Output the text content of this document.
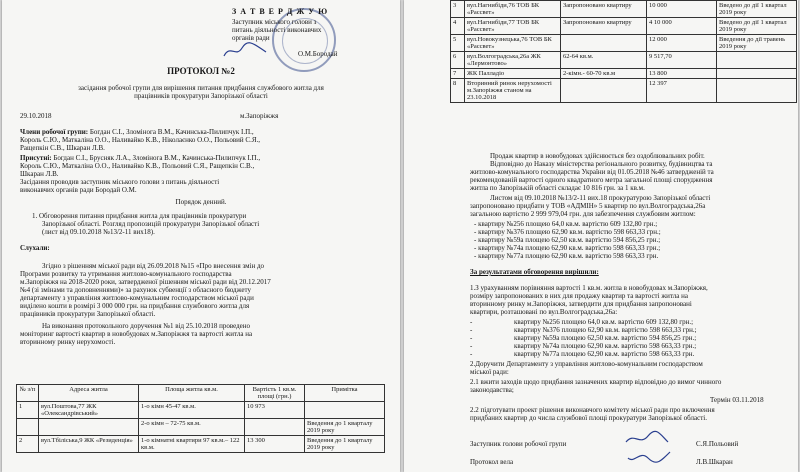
З А Т В Е Р Д Ж У Ю
Заступник міського голови з
питань діяльності виконавчих
органів ради
О.М.Бородай
ПРОТОКОЛ №2
засідання робочої групи для вирішення питання придбання службового житла для
працівників прокуратури Запорізької області
29.10.2018	м.Запоріжжя
Члени робочої групи: Богдан С.І., Зломінога В.М., Качинська-Пилипчук І.П.,
Король С.Ю., Маткаліна О.О., Наливайко К.В., Ніколаєнко О.О., Польовий С.Я.,
Ращепкін С.В., Шкаран Л.В.
Присутні: Богдан С.І., Брусняк Л.А., Зломінога В.М., Качинська-Пилипчук І.П.,
Король С.Ю., Маткаліна О.О., Наливайко К.В., Польовий С.Я., Ращепкін С.В.,
Шкаран Л.В.
Засідання проводив заступник міського голови з питань діяльності
виконавчих органів ради Бородай О.М.
Порядок денний.
1. Обговорення питання придбання житла для працівників прокуратури
Запорізької області. Розгляд пропозицій прокуратури Запорізької області
(лист від 09.10.2018 №13/2-11 вих18).
Слухали:
Згідно з рішенням міської ради від 26.09.2018 №15 «Про внесення змін до
Програми розвитку та утримання житлово-комунального господарства
м.Запоріжжя на 2018-2020 роки, затвердженої рішенням міської ради від 20.12.2017
№4 (зі змінами та доповненнями)» за рахунок субвенції з обласного бюджету
департаменту з управління житлово-комунальним господарством міської ради
виділено кошти в розмірі 3 000 000 грн. на придбання службового житла для
працівників прокуратури Запорізької області.
На виконання протокольного доручення №1 від 25.10.2018 проведено
моніторинг вартості квартир в новобудовах м.Запоріжжя та вартості житла на
вторинному ринку нерухомості.
№ з/п	Адреса житла	Площа житла кв.м.	Вартість 1 кв.м. площі (грн.)	Примітка
1	вул.Поштова,77 ЖК «Олександрівський»	1-о кімн 45-47 кв.м.	10 973	
		2-о кімн – 72-75 кв.м.		Введення до 1 кварталу 2019 року
2	вул.Тбіліська,9 ЖК «Резиденція»	1-о кімнатні квартири 97 кв.м.– 122 кв.м.	13 300	Введення до 1 кварталу 2019 року
3	вул.Нагнибіди,76 ТОВ БК «Рассвет»	Запропоновано квартиру	10 000	Введено до дії 1 квартал 2019 року
4	вул.Нагнибіди,77 ТОВ БК «Рассвет»	Запропоновано квартиру	4 10 000	Введено до дії 1 квартал 2019 року
5	вул.Новокузнецька,76 ТОВ БК «Рассвет»		12 000	Введення до дії травень 2019 року
6	вул.Волгоградська,26а ЖК «Лермонтово»	62-64 кв.м.	9 517,70	
7	ЖК Палладіо	2-кімн.- 60-70 кв.м	13 800	
8	Вторинний ринок нерухомості м.Запоріжжя станом на 23.10.2018		12 397	
Продаж квартир в новобудовах здійснюється без оздоблювальних робіт.
Відповідно до Наказу міністерства регіонального розвитку, будівництва та
житлово-комунального господарства України від 01.05.2018 №46 затвердженій та
рекомендованій вартості одного квадратного метра загальної площі спорудження
житла по Запорізькій області складає 10 816 грн. за 1 кв.м.
Листом від 09.10.2018 №13/2-11 вих.18 прокуратурою Запорізької області
запропоновано придбати у ТОВ «АДМІН» 5 квартир по вул.Волгоградська,26а
загальною вартістю 2 999 979,04 грн. для забезпечення службовим житлом:
- квартиру №256 площею 64,0 кв.м. вартістю 609 132,80 грн.;
- квартиру №376 площею 62,90 кв.м. вартістю 598 663,33 грн.;
- квартиру №59а площею 62,50 кв.м. вартістю 594 856,25 грн.;
- квартиру №74а площею 62,90 кв.м. вартістю 598 663,33 грн.;
- квартиру №77а площею 62,90 кв.м. вартістю 598 663,33 грн.
За результатами обговорення вирішили:
1.З урахуванням порівняння вартості 1 кв.м. житла в новобудовах м.Запоріжжя,
розміру запропонованих в них для продажу квартир та вартості житла на
вторинному ринку м.Запоріжжя, затвердити для придбання запропоновані
квартири, розташовані по вул.Волгоградська,26а:
-	квартиру №256 площею 64,0 кв.м. вартістю 609 132,80 грн.;
-	квартиру №376 площею 62,90 кв.м. вартістю 598 663,33 грн.;
-	квартиру №59а площею 62,50 кв.м. вартістю 594 856,25 грн.;
-	квартиру №74а площею 62,90 кв.м. вартістю 598 663,33 грн.;
-	квартиру №77а площею 62,90 кв.м. вартістю 598 663,33 грн.
2.Доручити Департаменту з управління житлово-комунальним господарством
міської ради:
2.1 вжити заходів щодо придбання зазначених квартир відповідно до вимог чинного
законодавства;
Термін 03.11.2018
2.2 підготувати проект рішення виконавчого комітету міської ради про включення
придбаних квартир до числа службової площі прокуратури Запорізької області.
Заступник голови робочої групи	С.Я.Польовий
Протокол вела	Л.В.Шкаран
